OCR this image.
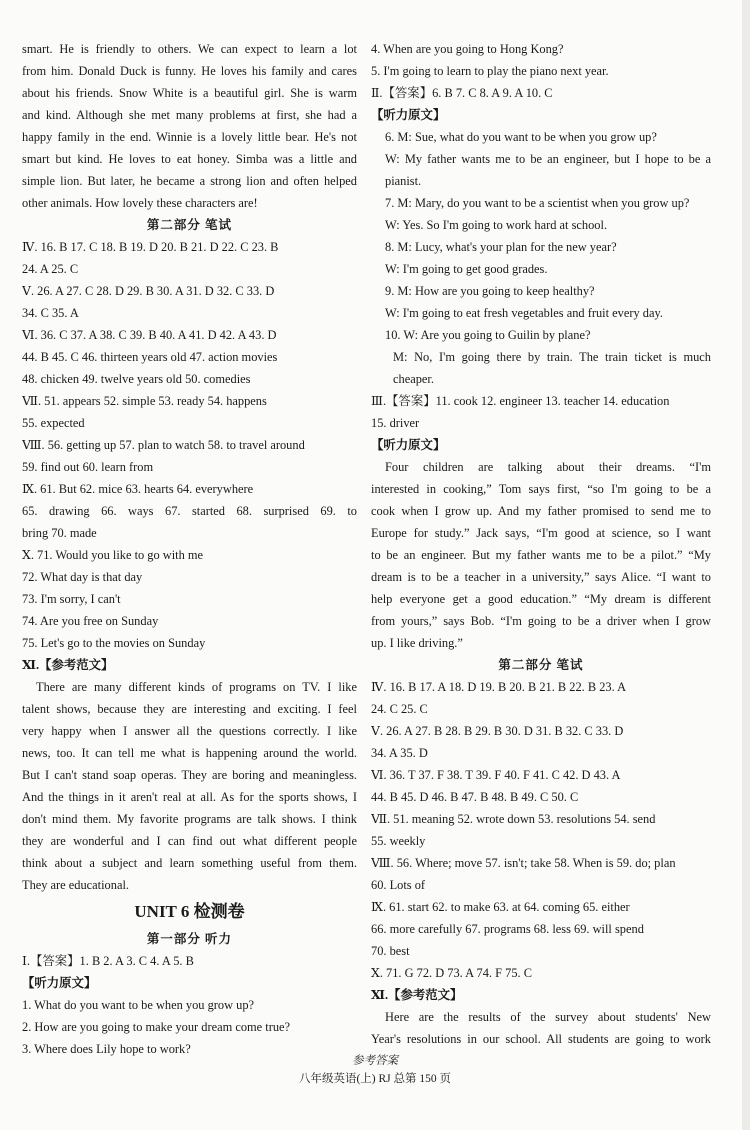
smart. He is friendly to others. We can expect to learn a lot
from him. Donald Duck is funny. He loves his family and cares
about his friends. Snow White is a beautiful girl. She is warm
and kind. Although she met many problems at first, she had a
happy family in the end. Winnie is a lovely little bear. He's not
smart but kind. He loves to eat honey. Simba was a little and
simple lion. But later, he became a strong lion and often helped
other animals. How lovely these characters are!
第二部分 笔试
Ⅳ. 16. B 17. C 18. B 19. D 20. B 21. D 22. C 23. B
24. A 25. C
Ⅴ. 26. A 27. C 28. D 29. B 30. A 31. D 32. C 33. D
34. C 35. A
Ⅵ. 36. C 37. A 38. C 39. B 40. A 41. D 42. A 43. D
44. B 45. C 46. thirteen years old 47. action movies
48. chicken 49. twelve years old 50. comedies
Ⅶ. 51. appears 52. simple 53. ready 54. happens
55. expected
Ⅷ. 56. getting up 57. plan to watch 58. to travel around
59. find out 60. learn from
Ⅸ. 61. But 62. mice 63. hearts 64. everywhere
65. drawing 66. ways 67. started 68. surprised 69. to
bring 70. made
Ⅹ. 71. Would you like to go with me
72. What day is that day
73. I'm sorry, I can't
74. Are you free on Sunday
75. Let's go to the movies on Sunday
Ⅺ.【参考范文】
There are many different kinds of programs on TV. I like
talent shows, because they are interesting and exciting. I feel
very happy when I answer all the questions correctly. I like
news, too. It can tell me what is happening around the world.
But I can't stand soap operas. They are boring and meaningless.
And the things in it aren't real at all. As for the sports shows, I
don't mind them. My favorite programs are talk shows. I think
they are wonderful and I can find out what different people
think about a subject and learn something useful from them.
They are educational.
UNIT 6 检测卷
第一部分 听力
Ⅰ.【答案】1. B 2. A 3. C 4. A 5. B
【听力原文】
1. What do you want to be when you grow up?
2. How are you going to make your dream come true?
3. Where does Lily hope to work?
4. When are you going to Hong Kong?
5. I'm going to learn to play the piano next year.
Ⅱ.【答案】6. B 7. C 8. A 9. A 10. C
【听力原文】
6. M: Sue, what do you want to be when you grow up?
W: My father wants me to be an engineer, but I hope to be a
pianist.
7. M: Mary, do you want to be a scientist when you grow up?
W: Yes. So I'm going to work hard at school.
8. M: Lucy, what's your plan for the new year?
W: I'm going to get good grades.
9. M: How are you going to keep healthy?
W: I'm going to eat fresh vegetables and fruit every day.
10. W: Are you going to Guilin by plane?
M: No, I'm going there by train. The train ticket is much
cheaper.
Ⅲ.【答案】11. cook 12. engineer 13. teacher 14. education
15. driver
【听力原文】
Four children are talking about their dreams. “I'm
interested in cooking,” Tom says first, “so I'm going to be a
cook when I grow up. And my father promised to send me to
Europe for study.” Jack says, “I'm good at science, so I want
to be an engineer. But my father wants me to be a pilot.” “My
dream is to be a teacher in a university,” says Alice. “I want to
help everyone get a good education.” “My dream is different
from yours,” says Bob. “I'm going to be a driver when I grow
up. I like driving.”
第二部分 笔试
Ⅳ. 16. B 17. A 18. D 19. B 20. B 21. B 22. B 23. A
24. C 25. C
Ⅴ. 26. A 27. B 28. B 29. B 30. D 31. B 32. C 33. D
34. A 35. D
Ⅵ. 36. T 37. F 38. T 39. F 40. F 41. C 42. D 43. A
44. B 45. D 46. B 47. B 48. B 49. C 50. C
Ⅶ. 51. meaning 52. wrote down 53. resolutions 54. send
55. weekly
Ⅷ. 56. Where; move 57. isn't; take 58. When is 59. do; plan
60. Lots of
Ⅸ. 61. start 62. to make 63. at 64. coming 65. either
66. more carefully 67. programs 68. less 69. will spend
70. best
Ⅹ. 71. G 72. D 73. A 74. F 75. C
Ⅺ.【参考范文】
Here are the results of the survey about students' New
Year's resolutions in our school. All students are going to work
参考答案
八年级英语(上) RJ 总第 150 页
